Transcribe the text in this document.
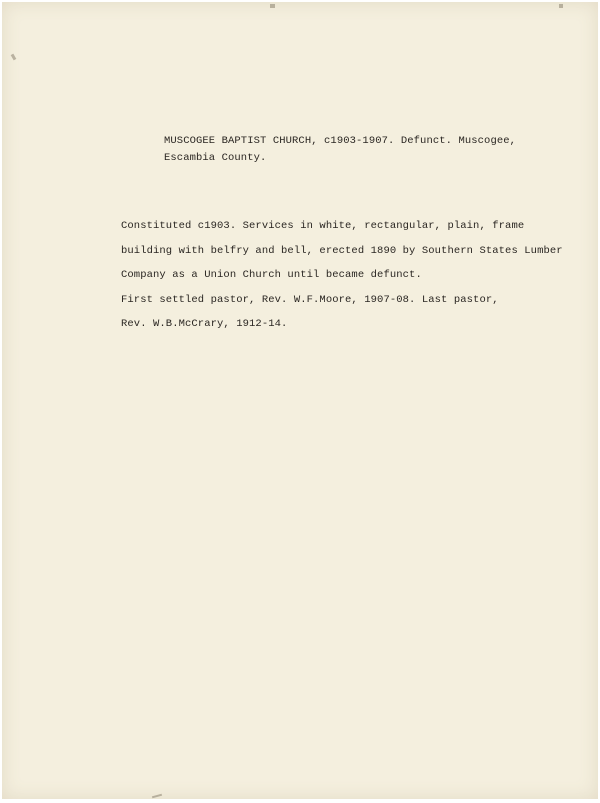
MUSCOGEE BAPTIST CHURCH, c1903-1907. Defunct. Muscogee,
Escambia County.
Constituted c1903. Services in white, rectangular, plain, frame
building with belfry and bell, erected 1890 by Southern States Lumber
Company as a Union Church until became defunct.
First settled pastor, Rev. W.F.Moore, 1907-08. Last pastor,
Rev. W.B.McCrary, 1912-14.
